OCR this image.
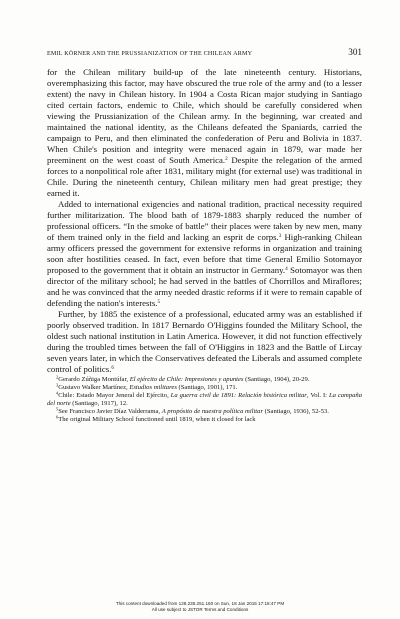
EMIL KÖRNER AND THE PRUSSIANIZATION OF THE CHILEAN ARMY	301

for the Chilean military build-up of the late nineteenth century. Historians, overemphasizing this factor, may have obscured the true role of the army and (to a lesser extent) the navy in Chilean history. In 1904 a Costa Rican major studying in Santiago cited certain factors, endemic to Chile, which should be carefully considered when viewing the Prussianization of the Chilean army. In the beginning, war created and maintained the national identity, as the Chileans defeated the Spaniards, carried the campaign to Peru, and then eliminated the confederation of Peru and Bolivia in 1837. When Chile's position and integrity were menaced again in 1879, war made her preeminent on the west coast of South America.$^2$ Despite the relegation of the armed forces to a nonpolitical role after 1831, military might (for external use) was traditional in Chile. During the nineteenth century, Chilean military men had great prestige; they earned it.

Added to international exigencies and national tradition, practical necessity required further militarization. The blood bath of 1879-1883 sharply reduced the number of professional officers. “In the smoke of battle” their places were taken by new men, many of them trained only in the field and lacking an esprit de corps.$^3$ High-ranking Chilean army officers pressed the government for extensive reforms in organization and training soon after hostilities ceased. In fact, even before that time General Emilio Sotomayor proposed to the government that it obtain an instructor in Germany.$^4$ Sotomayor was then director of the military school; he had served in the battles of Chorrillos and Miraflores; and he was convinced that the army needed drastic reforms if it were to remain capable of defending the nation's interests.$^5$

Further, by 1885 the existence of a professional, educated army was an established if poorly observed tradition. In 1817 Bernardo O'Higgins founded the Military School, the oldest such national institution in Latin America. However, it did not function effectively during the troubled times between the fall of O'Higgins in 1823 and the Battle of Lircay seven years later, in which the Conservatives defeated the Liberals and assumed complete control of politics.$^6$

$^2$Gerardo Zúñiga Montúfar, El ejército de Chile: Impresiones y apuntes (Santiago, 1904), 20-29.

$^3$Gustavo Walker Martínez, Estudios militares (Santiago, 1901), 171.

$^4$Chile: Estado Mayor Jeneral del Ejército, La guerra civil de 1891: Relación histórica militar, Vol. I: La campaña del norte (Santiago, 1917), 12.

$^5$See Francisco Javier Díaz Valderrama, A propósito de nuestra política militar (Santiago, 1936), 52-53.

$^6$The original Military School functioned until 1819, when it closed for lack

This content downloaded from 128.235.251.160 on Sun, 18 Jan 2015 17:18:47 PM
All use subject to JSTOR Terms and Conditions
